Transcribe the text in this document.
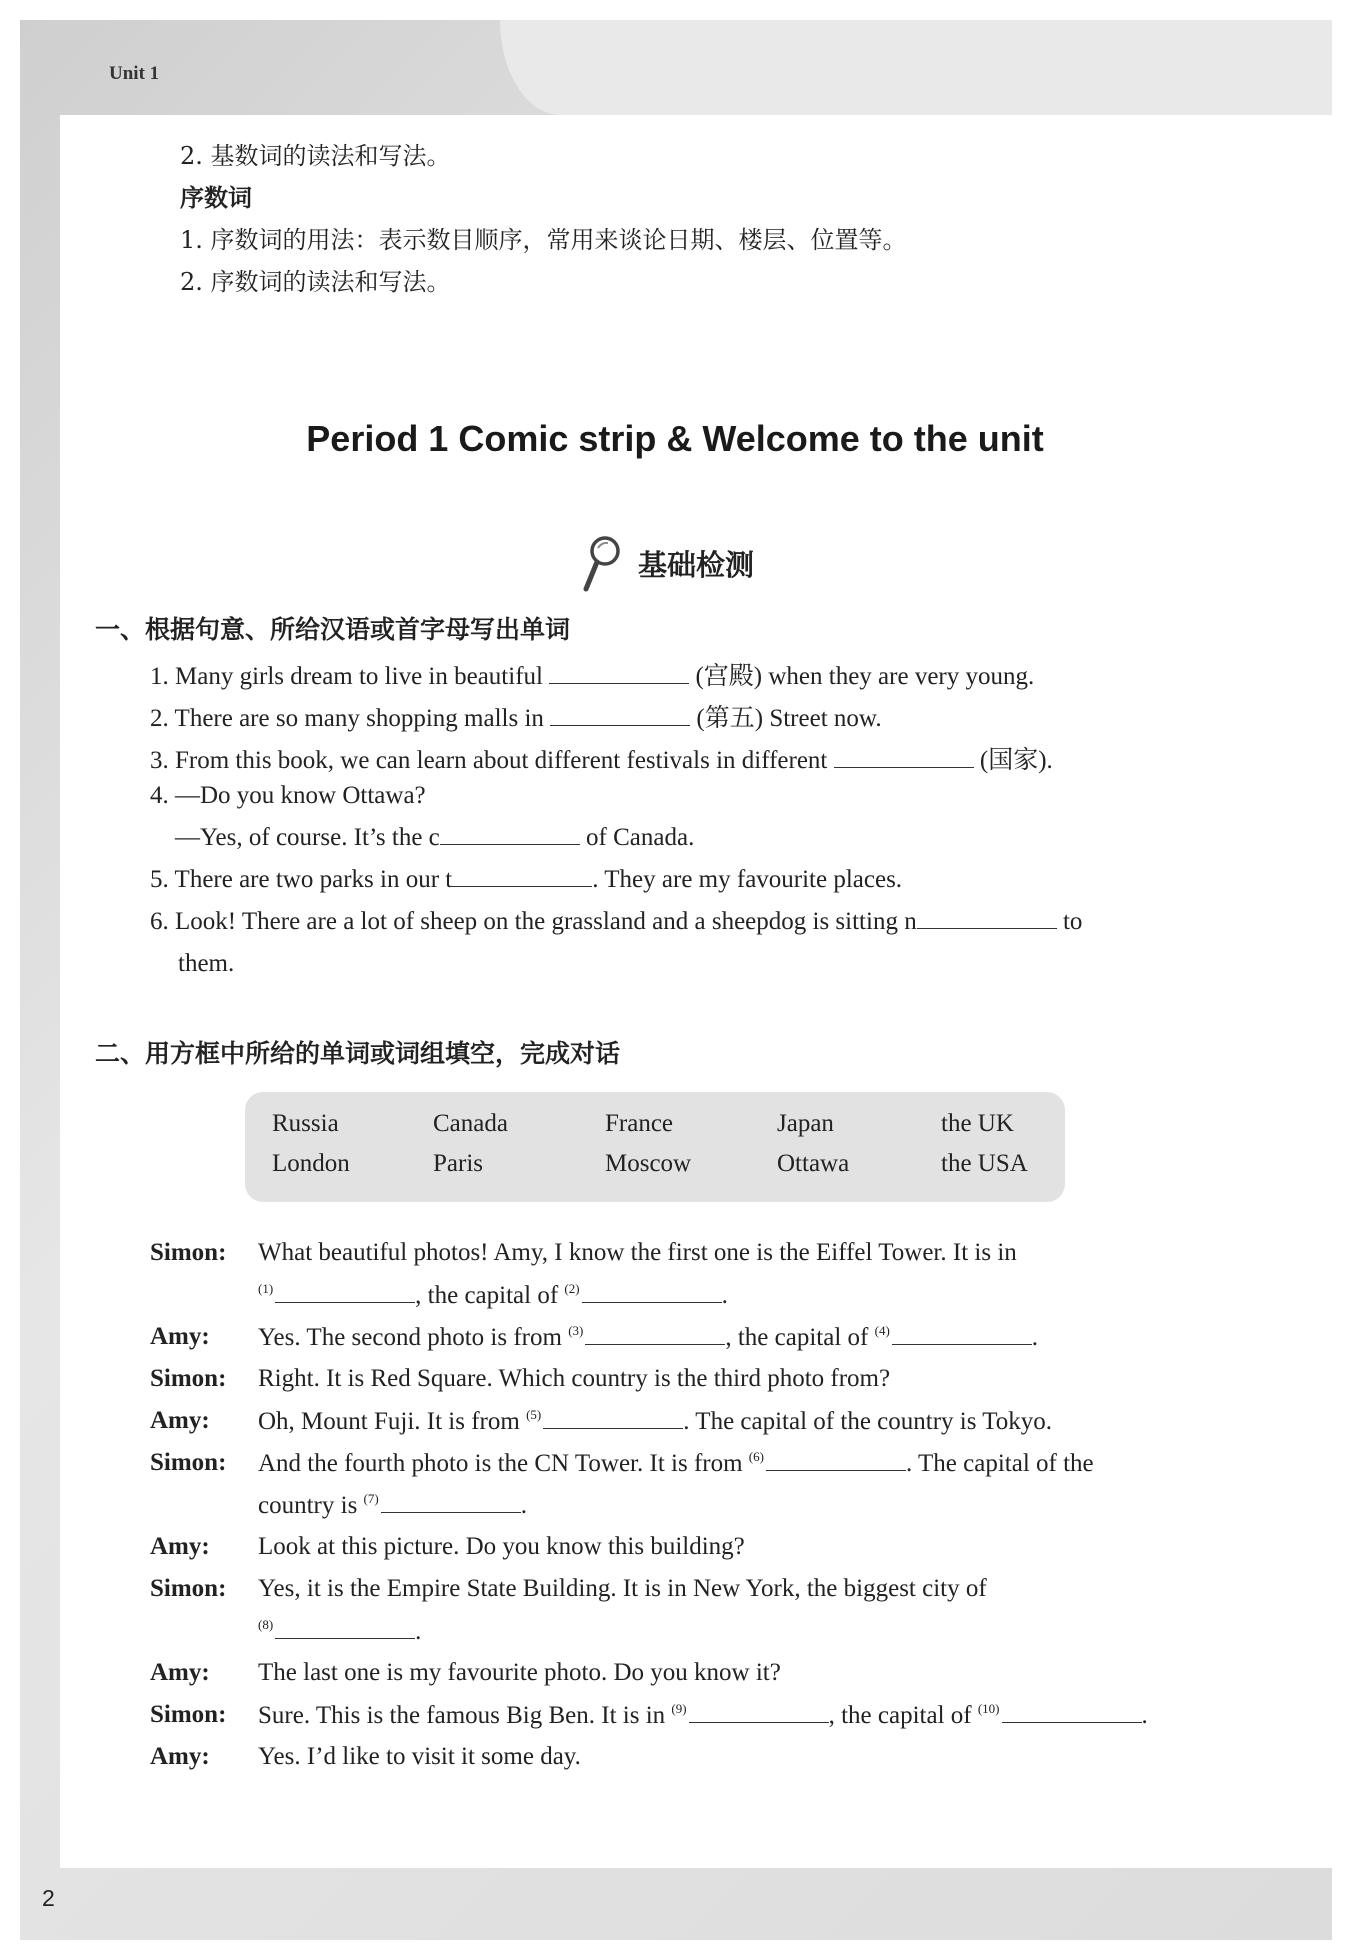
Unit 1
2
2. 基数词的读法和写法。
序数词
1. 序数词的用法：表示数目顺序，常用来谈论日期、楼层、位置等。
2. 序数词的读法和写法。
Period 1 Comic strip & Welcome to the unit
基础检测
一、根据句意、所给汉语或首字母写出单词
1. Many girls dream to live in beautiful	(宫殿) when they are very young.
2. There are so many shopping malls in	(第五) Street now.
3. From this book, we can learn about different festivals in different	(国家).
4. —Do you know Ottawa?
—Yes, of course. It’s the c	of Canada.
5. There are two parks in our t	. They are my favourite places.
6. Look! There are a lot of sheep on the grassland and a sheepdog is sitting n	to
them.
二、用方框中所给的单词或词组填空，完成对话
Russia	Canada	France	Japan	the UK
London	Paris	Moscow	Ottawa	the USA
Simon: What beautiful photos! Amy, I know the first one is the Eiffel Tower. It is in
$^{(1)}$	, the capital of $^{(2)}$	.
Amy: Yes. The second photo is from $^{(3)}$	, the capital of $^{(4)}$	.
Simon: Right. It is Red Square. Which country is the third photo from?
Amy: Oh, Mount Fuji. It is from $^{(5)}$	. The capital of the country is Tokyo.
Simon: And the fourth photo is the CN Tower. It is from $^{(6)}$	. The capital of the
country is $^{(7)}$	.
Amy: Look at this picture. Do you know this building?
Simon: Yes, it is the Empire State Building. It is in New York, the biggest city of
$^{(8)}$	.
Amy: The last one is my favourite photo. Do you know it?
Simon: Sure. This is the famous Big Ben. It is in $^{(9)}$	, the capital of $^{(10)}$	.
Amy: Yes. I’d like to visit it some day.
